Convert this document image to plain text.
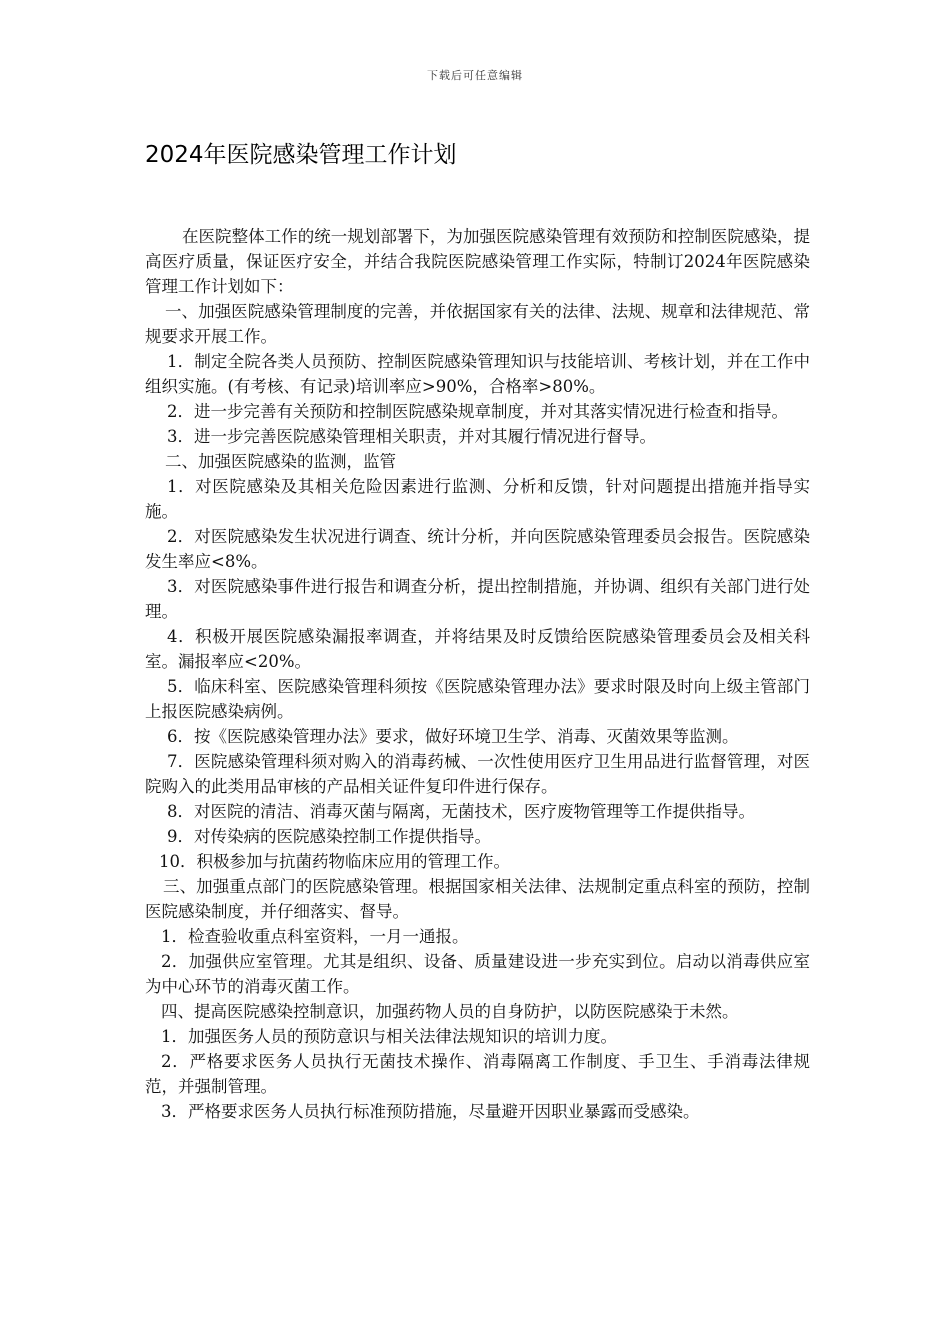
下载后可任意编辑
2024年医院感染管理工作计划

在医院整体工作的统一规划部署下，为加强医院感染管理有效预防和控制医院感染，提高医疗质量，保证医疗安全，并结合我院医院感染管理工作实际，特制订2024年医院感染管理工作计划如下：

一、加强医院感染管理制度的完善，并依据国家有关的法律、法规、规章和法律规范、常规要求开展工作。

1．制定全院各类人员预防、控制医院感染管理知识与技能培训、考核计划，并在工作中组织实施。(有考核、有记录)培训率应>90%，合格率>80%。

2．进一步完善有关预防和控制医院感染规章制度，并对其落实情况进行检查和指导。

3．进一步完善医院感染管理相关职责，并对其履行情况进行督导。

二、加强医院感染的监测，监管

1．对医院感染及其相关危险因素进行监测、分析和反馈，针对问题提出措施并指导实施。

2．对医院感染发生状况进行调查、统计分析，并向医院感染管理委员会报告。医院感染发生率应<8%。

3．对医院感染事件进行报告和调查分析，提出控制措施，并协调、组织有关部门进行处理。

4．积极开展医院感染漏报率调查，并将结果及时反馈给医院感染管理委员会及相关科室。漏报率应<20%。

5．临床科室、医院感染管理科须按《医院感染管理办法》要求时限及时向上级主管部门上报医院感染病例。

6．按《医院感染管理办法》要求，做好环境卫生学、消毒、灭菌效果等监测。

7．医院感染管理科须对购入的消毒药械、一次性使用医疗卫生用品进行监督管理，对医院购入的此类用品审核的产品相关证件复印件进行保存。

8．对医院的清洁、消毒灭菌与隔离，无菌技术，医疗废物管理等工作提供指导。

9．对传染病的医院感染控制工作提供指导。

10．积极参加与抗菌药物临床应用的管理工作。

三、加强重点部门的医院感染管理。根据国家相关法律、法规制定重点科室的预防，控制医院感染制度，并仔细落实、督导。

1．检查验收重点科室资料，一月一通报。

2．加强供应室管理。尤其是组织、设备、质量建设进一步充实到位。启动以消毒供应室为中心环节的消毒灭菌工作。

四、提高医院感染控制意识，加强药物人员的自身防护，以防医院感染于未然。

1．加强医务人员的预防意识与相关法律法规知识的培训力度。

2．严格要求医务人员执行无菌技术操作、消毒隔离工作制度、手卫生、手消毒法律规范，并强制管理。

3．严格要求医务人员执行标准预防措施，尽量避开因职业暴露而受感染。
